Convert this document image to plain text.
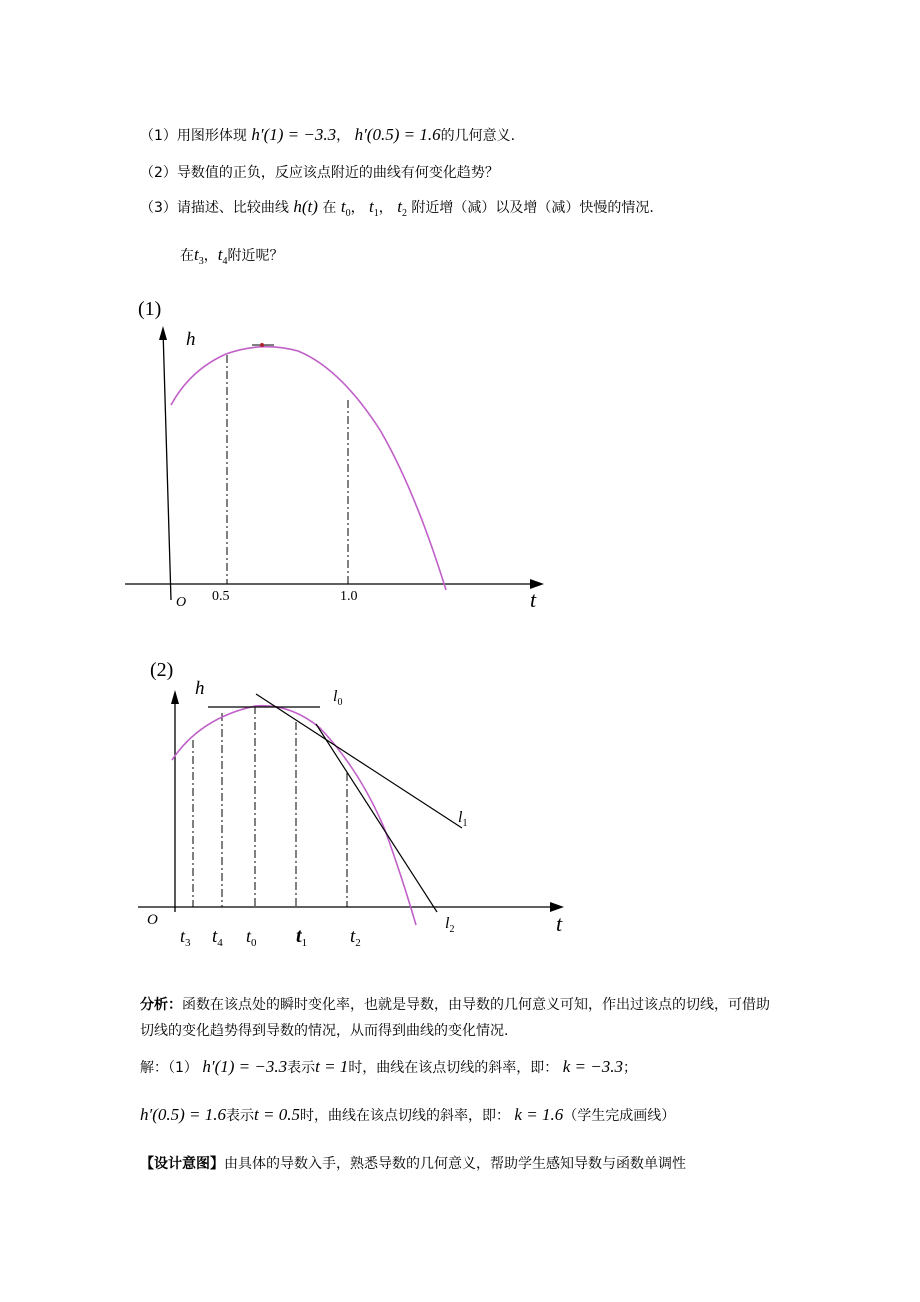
（1）用图形体现 h′(1) = −3.3， h′(0.5) = 1.6的几何意义.
（2）导数值的正负，反应该点附近的曲线有何变化趋势？
（3）请描述、比较曲线 h(t) 在 $t_0$， $t_1$， $t_2$ 附近增（减）以及增（减）快慢的情况.
在$t_3$，$t_4$附近呢？
(1)
h
t
O 0.5	1.0
(2)
h
t
O
$t_3$ $t_4$ $t_0$ $t_1$ $t_2$
$l_0$
$l_1$
$l_2$
分析：函数在该点处的瞬时变化率，也就是导数，由导数的几何意义可知，作出过该点的切线，可借助切线的变化趋势得到导数的情况，从而得到曲线的变化情况.
解：（1） h′(1) = −3.3表示t = 1时，曲线在该点切线的斜率，即： k = −3.3；
h′(0.5) = 1.6表示t = 0.5时，曲线在该点切线的斜率，即： k = 1.6（学生完成画线）
【设计意图】由具体的导数入手，熟悉导数的几何意义，帮助学生感知导数与函数单调性
